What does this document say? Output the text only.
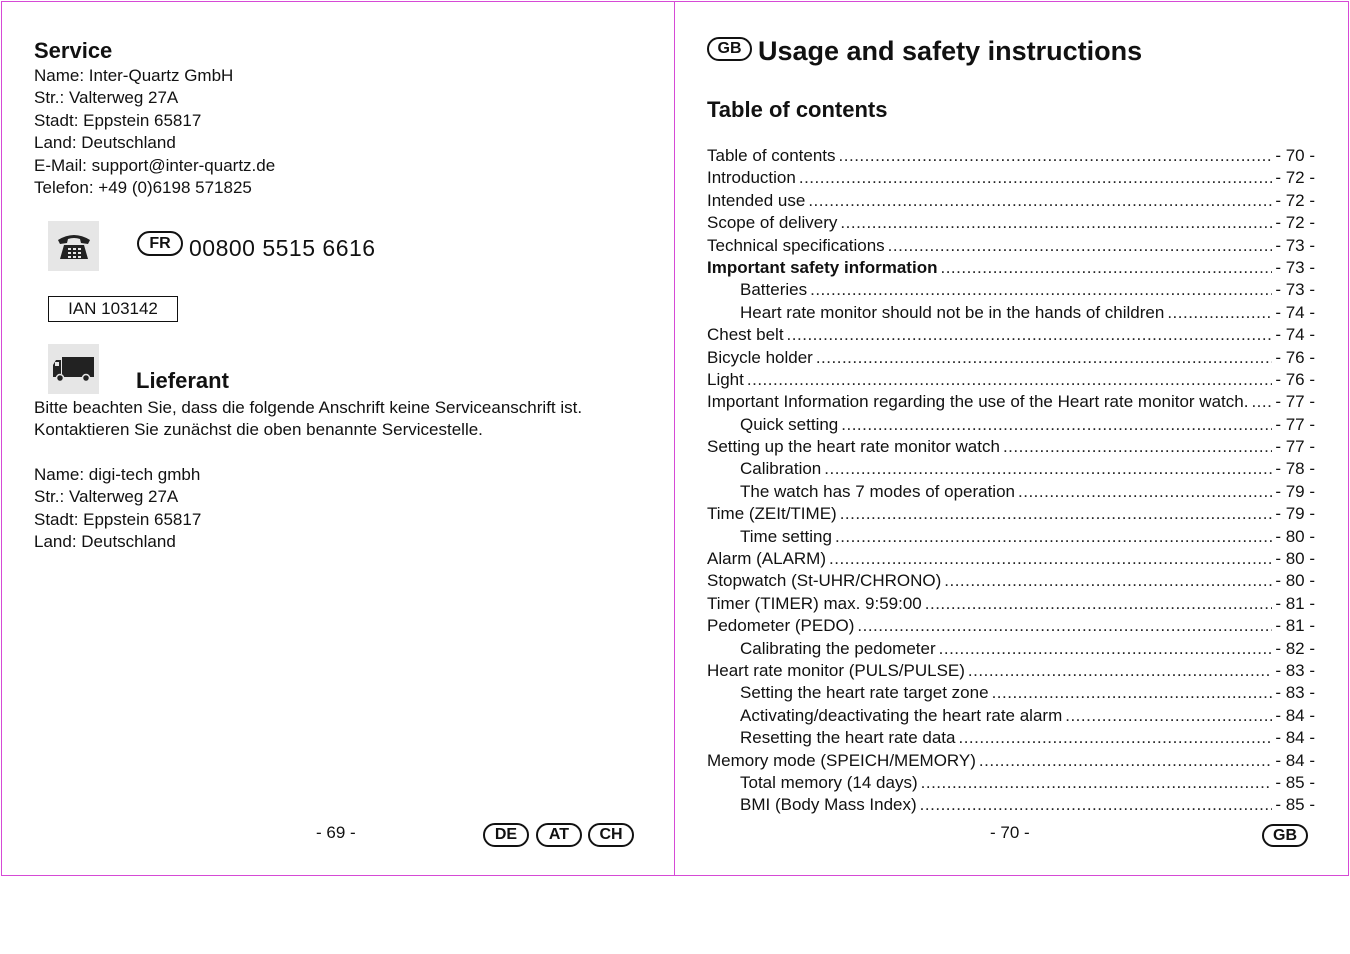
Service
Name: Inter-Quartz GmbH
Str.: Valterweg 27A
Stadt: Eppstein 65817
Land: Deutschland
E-Mail: support@inter-quartz.de
Telefon: +49 (0)6198 571825
FR 00800 5515 6616
IAN 103142
Lieferant
Bitte beachten Sie, dass die folgende Anschrift keine Serviceanschrift ist.
Kontaktieren Sie zunächst die oben benannte Servicestelle.
Name: digi-tech gmbh
Str.: Valterweg 27A
Stadt: Eppstein 65817
Land: Deutschland
- 69 -	DE	AT	CH
GB Usage and safety instructions
Table of contents
Table of contents .....	- 70 -
Introduction .....	- 72 -
Intended use .....	- 72 -
Scope of delivery .....	- 72 -
Technical specifications .....	- 73 -
Important safety information .....	- 73 -
Batteries .....	- 73 -
Heart rate monitor should not be in the hands of children .....	- 74 -
Chest belt .....	- 74 -
Bicycle holder .....	- 76 -
Light .....	- 76 -
Important Information regarding the use of the Heart rate monitor watch. ..... - 77 -
Quick setting .....	- 77 -
Setting up the heart rate monitor watch .....	- 77 -
Calibration .....	- 78 -
The watch has 7 modes of operation .....	- 79 -
Time (ZEIt/TIME) .....	- 79 -
Time setting .....	- 80 -
Alarm (ALARM) .....	- 80 -
Stopwatch (St-UHR/CHRONO) .....	- 80 -
Timer (TIMER) max. 9:59:00 .....	- 81 -
Pedometer (PEDO) .....	- 81 -
Calibrating the pedometer .....	- 82 -
Heart rate monitor (PULS/PULSE) .....	- 83 -
Setting the heart rate target zone .....	- 83 -
Activating/deactivating the heart rate alarm .....	- 84 -
Resetting the heart rate data .....	- 84 -
Memory mode (SPEICH/MEMORY) .....	- 84 -
Total memory (14 days) .....	- 85 -
BMI (Body Mass Index) .....	- 85 -
- 70 -	GB
